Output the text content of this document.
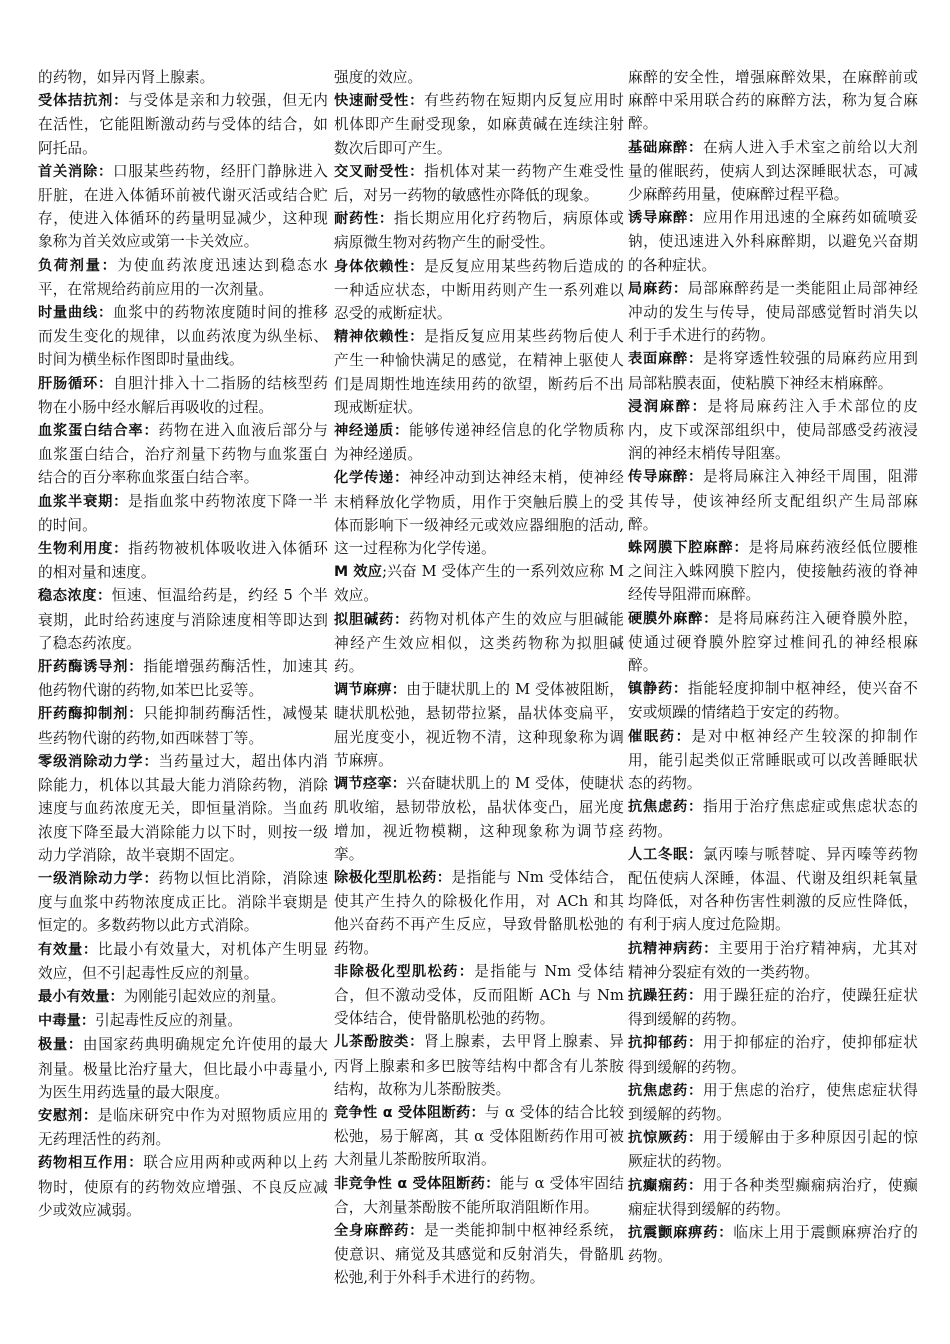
的药物，如异丙肾上腺素。

受体拮抗剂：与受体是亲和力较强，但无内在活性，它能阻断激动药与受体的结合，如阿托品。

首关消除：口服某些药物，经肝门静脉进入肝脏，在进入体循环前被代谢灭活或结合贮存，使进入体循环的药量明显减少，这种现象称为首关效应或第一卡关效应。

负荷剂量：为使血药浓度迅速达到稳态水平，在常规给药前应用的一次剂量。

时量曲线：血浆中的药物浓度随时间的推移而发生变化的规律，以血药浓度为纵坐标、时间为横坐标作图即时量曲线。

肝肠循环：自胆汁排入十二指肠的结核型药物在小肠中经水解后再吸收的过程。

血浆蛋白结合率：药物在进入血液后部分与血浆蛋白结合，治疗剂量下药物与血浆蛋白结合的百分率称血浆蛋白结合率。

血浆半衰期：是指血浆中药物浓度下降一半的时间。

生物利用度：指药物被机体吸收进入体循环的相对量和速度。

稳态浓度：恒速、恒温给药是，约经 5 个半衰期，此时给药速度与消除速度相等即达到了稳态药浓度。

肝药酶诱导剂：指能增强药酶活性，加速其他药物代谢的药物,如苯巴比妥等。

肝药酶抑制剂：只能抑制药酶活性，减慢某些药物代谢的药物,如西咪替丁等。

零级消除动力学：当药量过大，超出体内消除能力，机体以其最大能力消除药物，消除速度与血药浓度无关，即恒量消除。当血药浓度下降至最大消除能力以下时，则按一级动力学消除，故半衰期不固定。

一级消除动力学：药物以恒比消除，消除速度与血浆中药物浓度成正比。消除半衰期是恒定的。多数药物以此方式消除。

有效量：比最小有效量大，对机体产生明显效应，但不引起毒性反应的剂量。

最小有效量：为刚能引起效应的剂量。

中毒量：引起毒性反应的剂量。

极量：由国家药典明确规定允许使用的最大剂量。极量比治疗量大，但比最小中毒量小,为医生用药选量的最大限度。

安慰剂：是临床研究中作为对照物质应用的无药理活性的药剂。

药物相互作用：联合应用两种或两种以上药物时，使原有的药物效应增强、不良反应减少或效应减弱。

强度的效应。

快速耐受性：有些药物在短期内反复应用时机体即产生耐受现象，如麻黄碱在连续注射数次后即可产生。

交叉耐受性：指机体对某一药物产生难受性后，对另一药物的敏感性亦降低的现象。

耐药性：指长期应用化疗药物后，病原体或病原微生物对药物产生的耐受性。

身体依赖性：是反复应用某些药物后造成的一种适应状态，中断用药则产生一系列难以忍受的戒断症状。

精神依赖性：是指反复应用某些药物后使人产生一种愉快满足的感觉，在精神上驱使人们是周期性地连续用药的欲望，断药后不出现戒断症状。

神经递质：能够传递神经信息的化学物质称为神经递质。

化学传递：神经冲动到达神经末梢，使神经末梢释放化学物质，用作于突触后膜上的受体而影响下一级神经元或效应器细胞的活动,这一过程称为化学传递。

M 效应;兴奋 M 受体产生的一系列效应称 M 效应。

拟胆碱药：药物对机体产生的效应与胆碱能神经产生效应相似，这类药物称为拟胆碱药。

调节麻痹：由于睫状肌上的 M 受体被阻断，睫状肌松弛，悬韧带拉紧，晶状体变扁平，屈光度变小，视近物不清，这种现象称为调节麻痹。

调节痉挛：兴奋睫状肌上的 M 受体，使睫状肌收缩，悬韧带放松，晶状体变凸，屈光度增加，视近物模糊，这种现象称为调节痉挛。

除极化型肌松药：是指能与 Nm 受体结合，使其产生持久的除极化作用，对 ACh 和其他兴奋药不再产生反应，导致骨骼肌松弛的药物。

非除极化型肌松药：是指能与 Nm 受体结合，但不激动受体，反而阻断 ACh 与 Nm 受体结合，使骨骼肌松弛的药物。

儿茶酚胺类：肾上腺素，去甲肾上腺素、异丙肾上腺素和多巴胺等结构中都含有儿茶胺结构，故称为儿茶酚胺类。

竞争性 α 受体阻断药：与 α 受体的结合比较松弛，易于解离，其 α 受体阻断药作用可被大剂量儿茶酚胺所取消。

非竞争性 α 受体阻断药：能与 α 受体牢固结合，大剂量茶酚胺不能所取消阻断作用。

全身麻醉药：是一类能抑制中枢神经系统，使意识、痛觉及其感觉和反射消失，骨骼肌松弛,利于外科手术进行的药物。

麻醉的安全性，增强麻醉效果，在麻醉前或麻醉中采用联合药的麻醉方法，称为复合麻醉。

基础麻醉：在病人进入手术室之前给以大剂量的催眠药，使病人到达深睡眠状态，可减少麻醉药用量，使麻醉过程平稳。

诱导麻醉：应用作用迅速的全麻药如硫喷妥钠，使迅速进入外科麻醉期，以避免兴奋期的各种症状。

局麻药：局部麻醉药是一类能阻止局部神经冲动的发生与传导，使局部感觉暂时消失以利于手术进行的药物。

表面麻醉：是将穿透性较强的局麻药应用到局部粘膜表面，使粘膜下神经末梢麻醉。

浸润麻醉：是将局麻药注入手术部位的皮内，皮下或深部组织中，使局部感受药液浸润的神经末梢传导阻塞。

传导麻醉：是将局麻注入神经干周围，阻滞其传导，使该神经所支配组织产生局部麻醉。

蛛网膜下腔麻醉：是将局麻药液经低位腰椎之间注入蛛网膜下腔内，使接触药液的脊神经传导阻滞而麻醉。

硬膜外麻醉：是将局麻药注入硬脊膜外腔，使通过硬脊膜外腔穿过椎间孔的神经根麻醉。

镇静药：指能轻度抑制中枢神经，使兴奋不安或烦躁的情绪趋于安定的药物。

催眠药：是对中枢神经产生较深的抑制作用，能引起类似正常睡眠或可以改善睡眠状态的药物。

抗焦虑药：指用于治疗焦虑症或焦虑状态的药物。

人工冬眠：氯丙嗪与哌替啶、异丙嗪等药物配伍使病人深睡，体温、代谢及组织耗氧量均降低，对各种伤害性刺激的反应性降低，有利于病人度过危险期。

抗精神病药：主要用于治疗精神病，尤其对精神分裂症有效的一类药物。

抗躁狂药：用于躁狂症的治疗，使躁狂症状得到缓解的药物。

抗抑郁药：用于抑郁症的治疗，使抑郁症状得到缓解的药物。

抗焦虑药：用于焦虑的治疗，使焦虑症状得到缓解的药物。

抗惊厥药：用于缓解由于多种原因引起的惊厥症状的药物。

抗癫痫药：用于各种类型癫痫病治疗，使癫痫症状得到缓解的药物。

抗震颤麻痹药：临床上用于震颤麻痹治疗的药物。
